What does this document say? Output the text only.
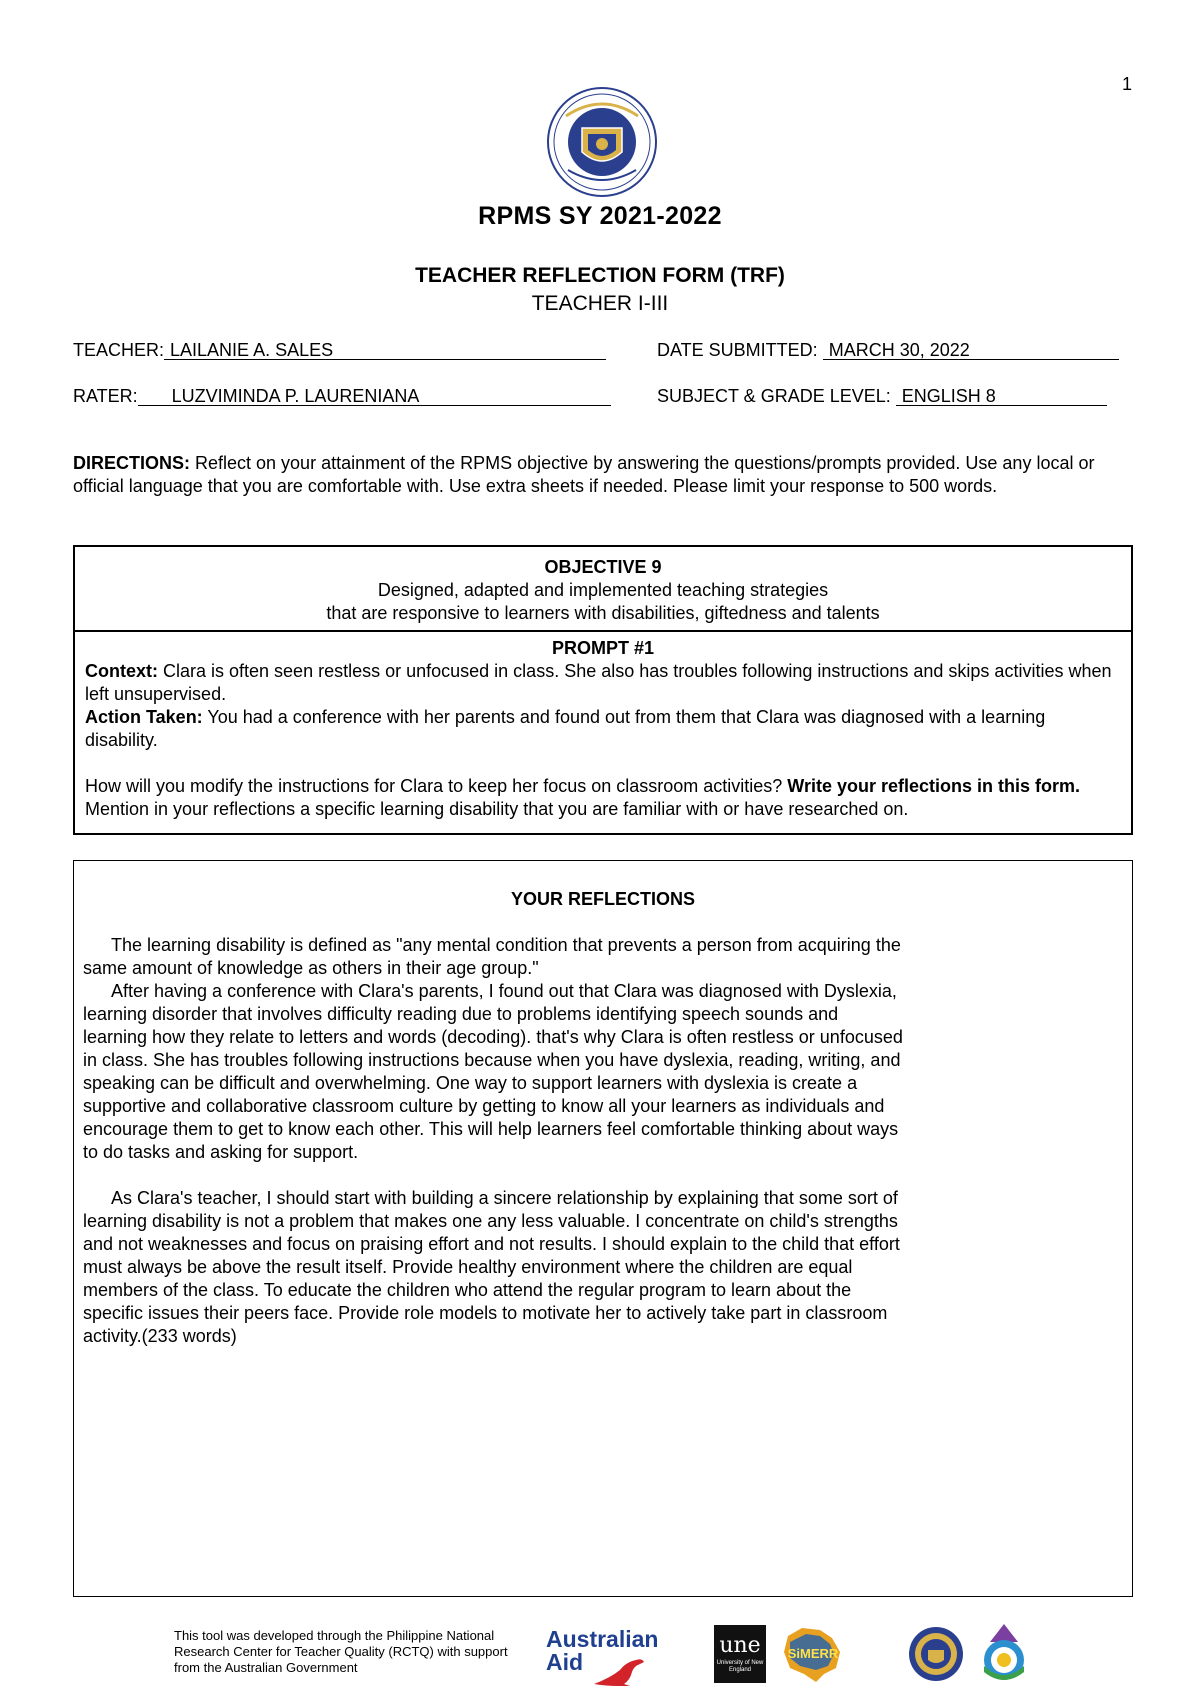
1
RPMS SY 2021-2022
TEACHER REFLECTION FORM (TRF)
TEACHER I-III
TEACHER: LAILANIE A. SALES	DATE SUBMITTED: MARCH 30, 2022
RATER: LUZVIMINDA P. LAURENIANA	SUBJECT & GRADE LEVEL: ENGLISH 8
DIRECTIONS: Reflect on your attainment of the RPMS objective by answering the questions/prompts provided. Use any local or official language that you are comfortable with. Use extra sheets if needed. Please limit your response to 500 words.
OBJECTIVE 9
Designed, adapted and implemented teaching strategies
that are responsive to learners with disabilities, giftedness and talents
PROMPT #1
Context: Clara is often seen restless or unfocused in class. She also has troubles following instructions and skips activities when left unsupervised.
Action Taken: You had a conference with her parents and found out from them that Clara was diagnosed with a learning disability.
How will you modify the instructions for Clara to keep her focus on classroom activities? Write your reflections in this form. Mention in your reflections a specific learning disability that you are familiar with or have researched on.
YOUR REFLECTIONS

The learning disability is defined as "any mental condition that prevents a person from acquiring the same amount of knowledge as others in their age group."

After having a conference with Clara's parents, I found out that Clara was diagnosed with Dyslexia, learning disorder that involves difficulty reading due to problems identifying speech sounds and learning how they relate to letters and words (decoding). that's why Clara is often restless or unfocused in class. She has troubles following instructions because when you have dyslexia, reading, writing, and speaking can be difficult and overwhelming. One way to support learners with dyslexia is create a supportive and collaborative classroom culture by getting to know all your learners as individuals and encourage them to get to know each other. This will help learners feel comfortable thinking about ways to do tasks and asking for support.

As Clara's teacher, I should start with building a sincere relationship by explaining that some sort of learning disability is not a problem that makes one any less valuable. I concentrate on child's strengths and not weaknesses and focus on praising effort and not results. I should explain to the child that effort must always be above the result itself. Provide healthy environment where the children are equal members of the class. To educate the children who attend the regular program to learn about the specific issues their peers face. Provide role models to motivate her to actively take part in classroom activity.(233 words)

This tool was developed through the Philippine National Research Center for Teacher Quality (RCTQ) with support from the Australian Government
Australian
Aid
une
University of New England
SiMERR
